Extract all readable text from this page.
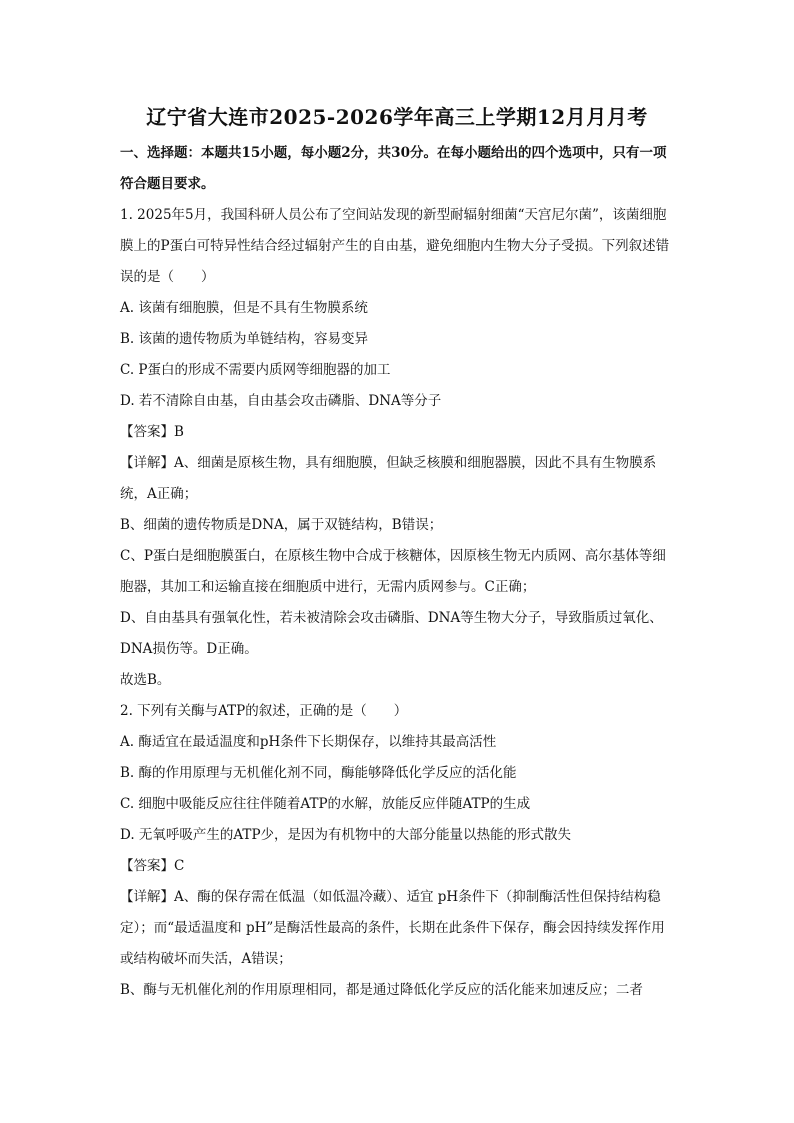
辽宁省大连市2025-2026学年高三上学期12月月月考

一、选择题：本题共15小题，每小题2分，共30分。在每小题给出的四个选项中，只有一项符合题目要求。

1. 2025年5月，我国科研人员公布了空间站发现的新型耐辐射细菌“天宫尼尔菌”，该菌细胞膜上的P蛋白可特异性结合经过辐射产生的自由基，避免细胞内生物大分子受损。下列叙述错误的是（　　）

A. 该菌有细胞膜，但是不具有生物膜系统

B. 该菌的遗传物质为单链结构，容易变异

C. P蛋白的形成不需要内质网等细胞器的加工

D. 若不清除自由基，自由基会攻击磷脂、DNA等分子

【答案】B

【详解】A、细菌是原核生物，具有细胞膜，但缺乏核膜和细胞器膜，因此不具有生物膜系统，A正确；

B、细菌的遗传物质是DNA，属于双链结构，B错误；

C、P蛋白是细胞膜蛋白，在原核生物中合成于核糖体，因原核生物无内质网、高尔基体等细胞器，其加工和运输直接在细胞质中进行，无需内质网参与。C正确；

D、自由基具有强氧化性，若未被清除会攻击磷脂、DNA等生物大分子，导致脂质过氧化、DNA损伤等。D正确。

故选B。

2. 下列有关酶与ATP的叙述，正确的是（　　）

A. 酶适宜在最适温度和pH条件下长期保存，以维持其最高活性

B. 酶的作用原理与无机催化剂不同，酶能够降低化学反应的活化能

C. 细胞中吸能反应往往伴随着ATP的水解，放能反应伴随ATP的生成

D. 无氧呼吸产生的ATP少，是因为有机物中的大部分能量以热能的形式散失

【答案】C

【详解】A、酶的保存需在低温（如低温冷藏）、适宜 pH条件下（抑制酶活性但保持结构稳定）；而“最适温度和 pH”是酶活性最高的条件，长期在此条件下保存，酶会因持续发挥作用或结构破坏而失活，A错误；

B、酶与无机催化剂的作用原理相同，都是通过降低化学反应的活化能来加速反应；二者
